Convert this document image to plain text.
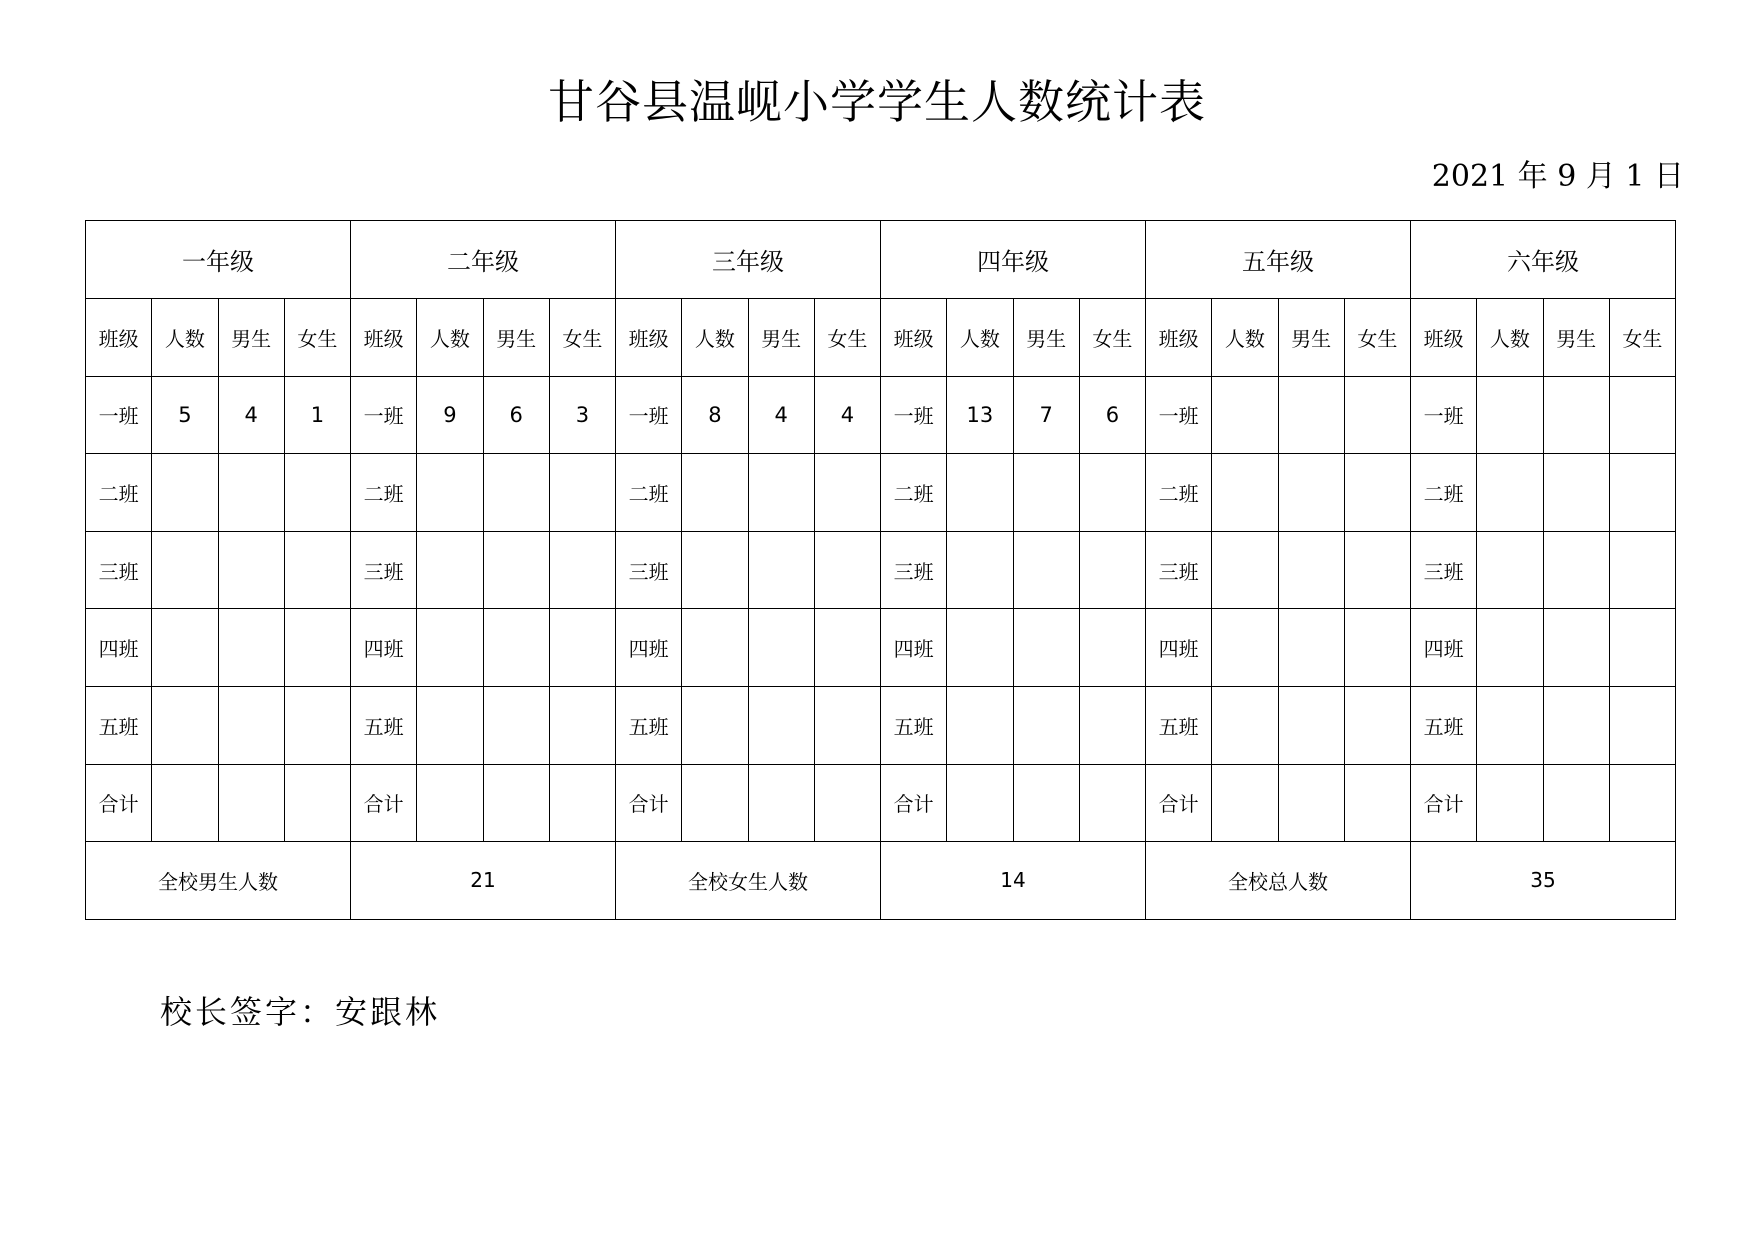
甘谷县温岘小学学生人数统计表
2021 年 9 月 1 日
一年级				二年级				三年级				四年级				五年级				六年级			
班级	人数	男生	女生	班级	人数	男生	女生	班级	人数	男生	女生	班级	人数	男生	女生	班级	人数	男生	女生	班级	人数	男生	女生
一班	5	4	1	一班	9	6	3	一班	8	4	4	一班	13	7	6	一班				一班			
二班				二班				二班				二班				二班				二班			
三班				三班				三班				三班				三班				三班			
四班				四班				四班				四班				四班				四班			
五班				五班				五班				五班				五班				五班			
合计				合计				合计				合计				合计				合计			
全校男生人数				21				全校女生人数				14				全校总人数				35			
校长签字：安跟林
